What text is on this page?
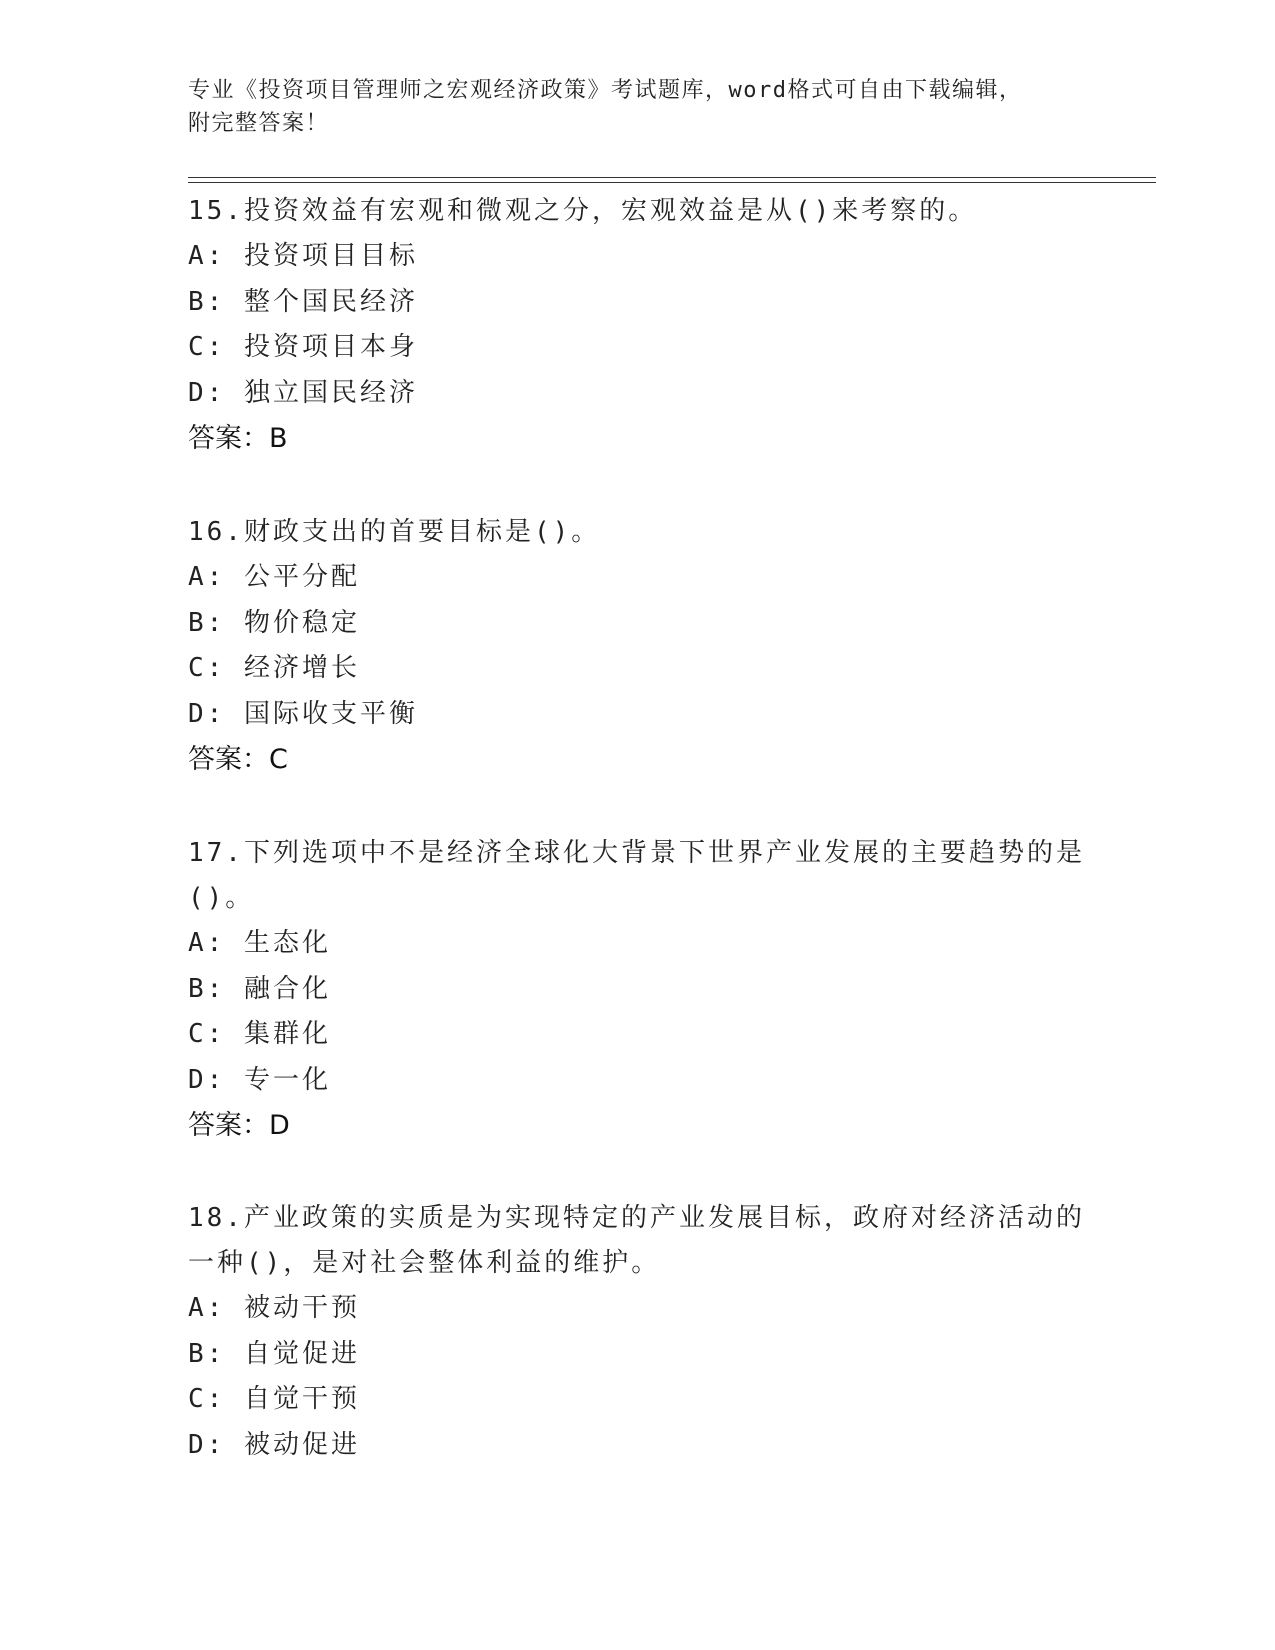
专业《投资项目管理师之宏观经济政策》考试题库，word格式可自由下载编辑，
附完整答案！
15.投资效益有宏观和微观之分，宏观效益是从()来考察的。
A: 投资项目目标
B: 整个国民经济
C: 投资项目本身
D: 独立国民经济
答案：B
16.财政支出的首要目标是()。
A: 公平分配
B: 物价稳定
C: 经济增长
D: 国际收支平衡
答案：C
17.下列选项中不是经济全球化大背景下世界产业发展的主要趋势的是
()。
A: 生态化
B: 融合化
C: 集群化
D: 专一化
答案：D
18.产业政策的实质是为实现特定的产业发展目标，政府对经济活动的
一种()，是对社会整体利益的维护。
A: 被动干预
B: 自觉促进
C: 自觉干预
D: 被动促进
